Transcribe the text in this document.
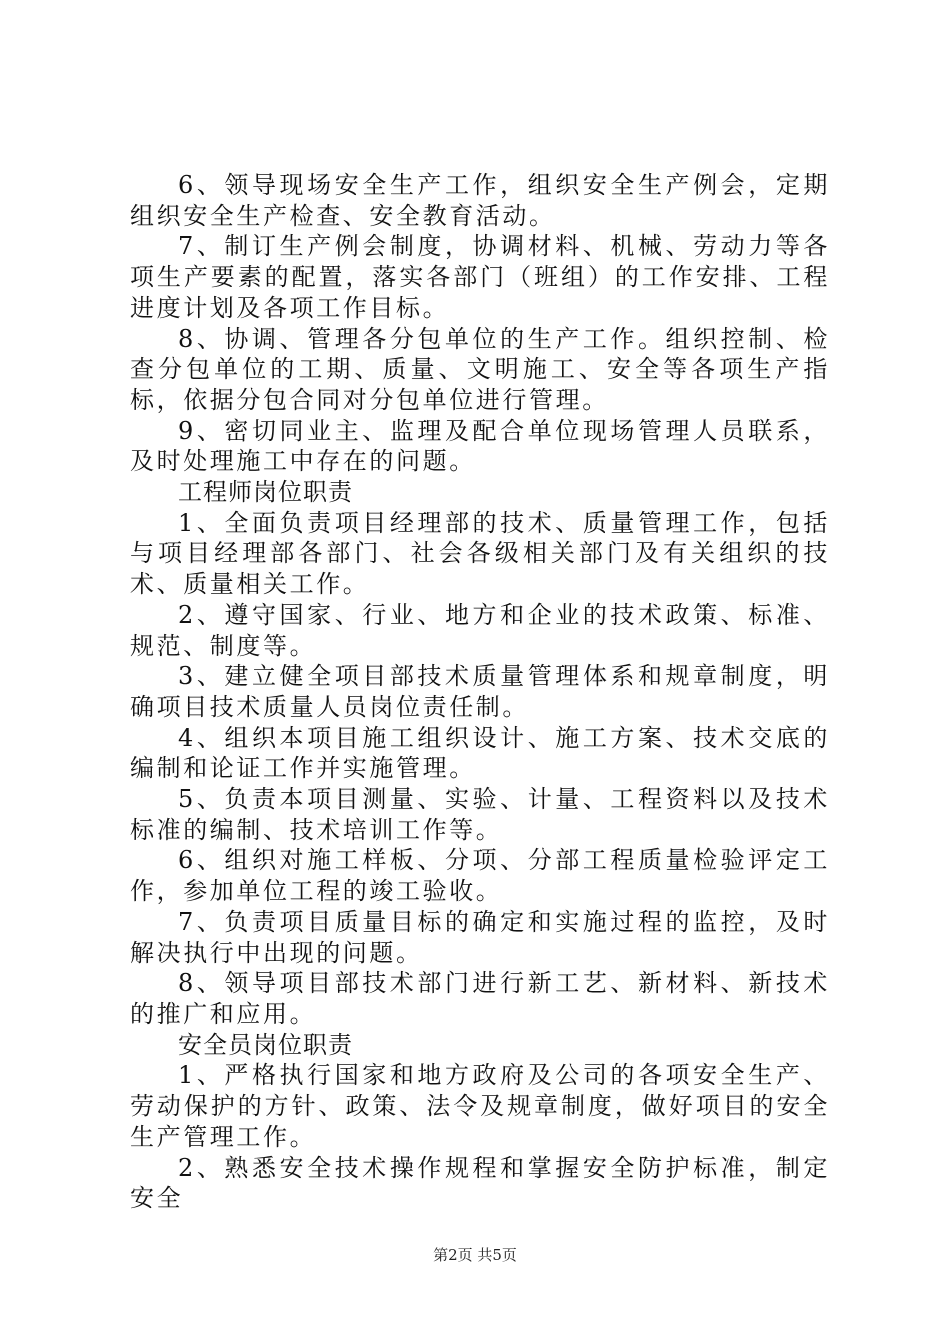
6、领导现场安全生产工作，组织安全生产例会，定期组织安全生产检查、安全教育活动。

7、制订生产例会制度，协调材料、机械、劳动力等各项生产要素的配置，落实各部门（班组）的工作安排、工程进度计划及各项工作目标。

8、协调、管理各分包单位的生产工作。组织控制、检查分包单位的工期、质量、文明施工、安全等各项生产指标，依据分包合同对分包单位进行管理。

9、密切同业主、监理及配合单位现场管理人员联系，及时处理施工中存在的问题。

工程师岗位职责

1、全面负责项目经理部的技术、质量管理工作，包括与项目经理部各部门、社会各级相关部门及有关组织的技术、质量相关工作。

2、遵守国家、行业、地方和企业的技术政策、标准、规范、制度等。

3、建立健全项目部技术质量管理体系和规章制度，明确项目技术质量人员岗位责任制。

4、组织本项目施工组织设计、施工方案、技术交底的编制和论证工作并实施管理。

5、负责本项目测量、实验、计量、工程资料以及技术标准的编制、技术培训工作等。

6、组织对施工样板、分项、分部工程质量检验评定工作，参加单位工程的竣工验收。

7、负责项目质量目标的确定和实施过程的监控，及时解决执行中出现的问题。

8、领导项目部技术部门进行新工艺、新材料、新技术的推广和应用。

安全员岗位职责

1、严格执行国家和地方政府及公司的各项安全生产、劳动保护的方针、政策、法令及规章制度，做好项目的安全生产管理工作。

2、熟悉安全技术操作规程和掌握安全防护标准，制定安全

第2页 共5页
